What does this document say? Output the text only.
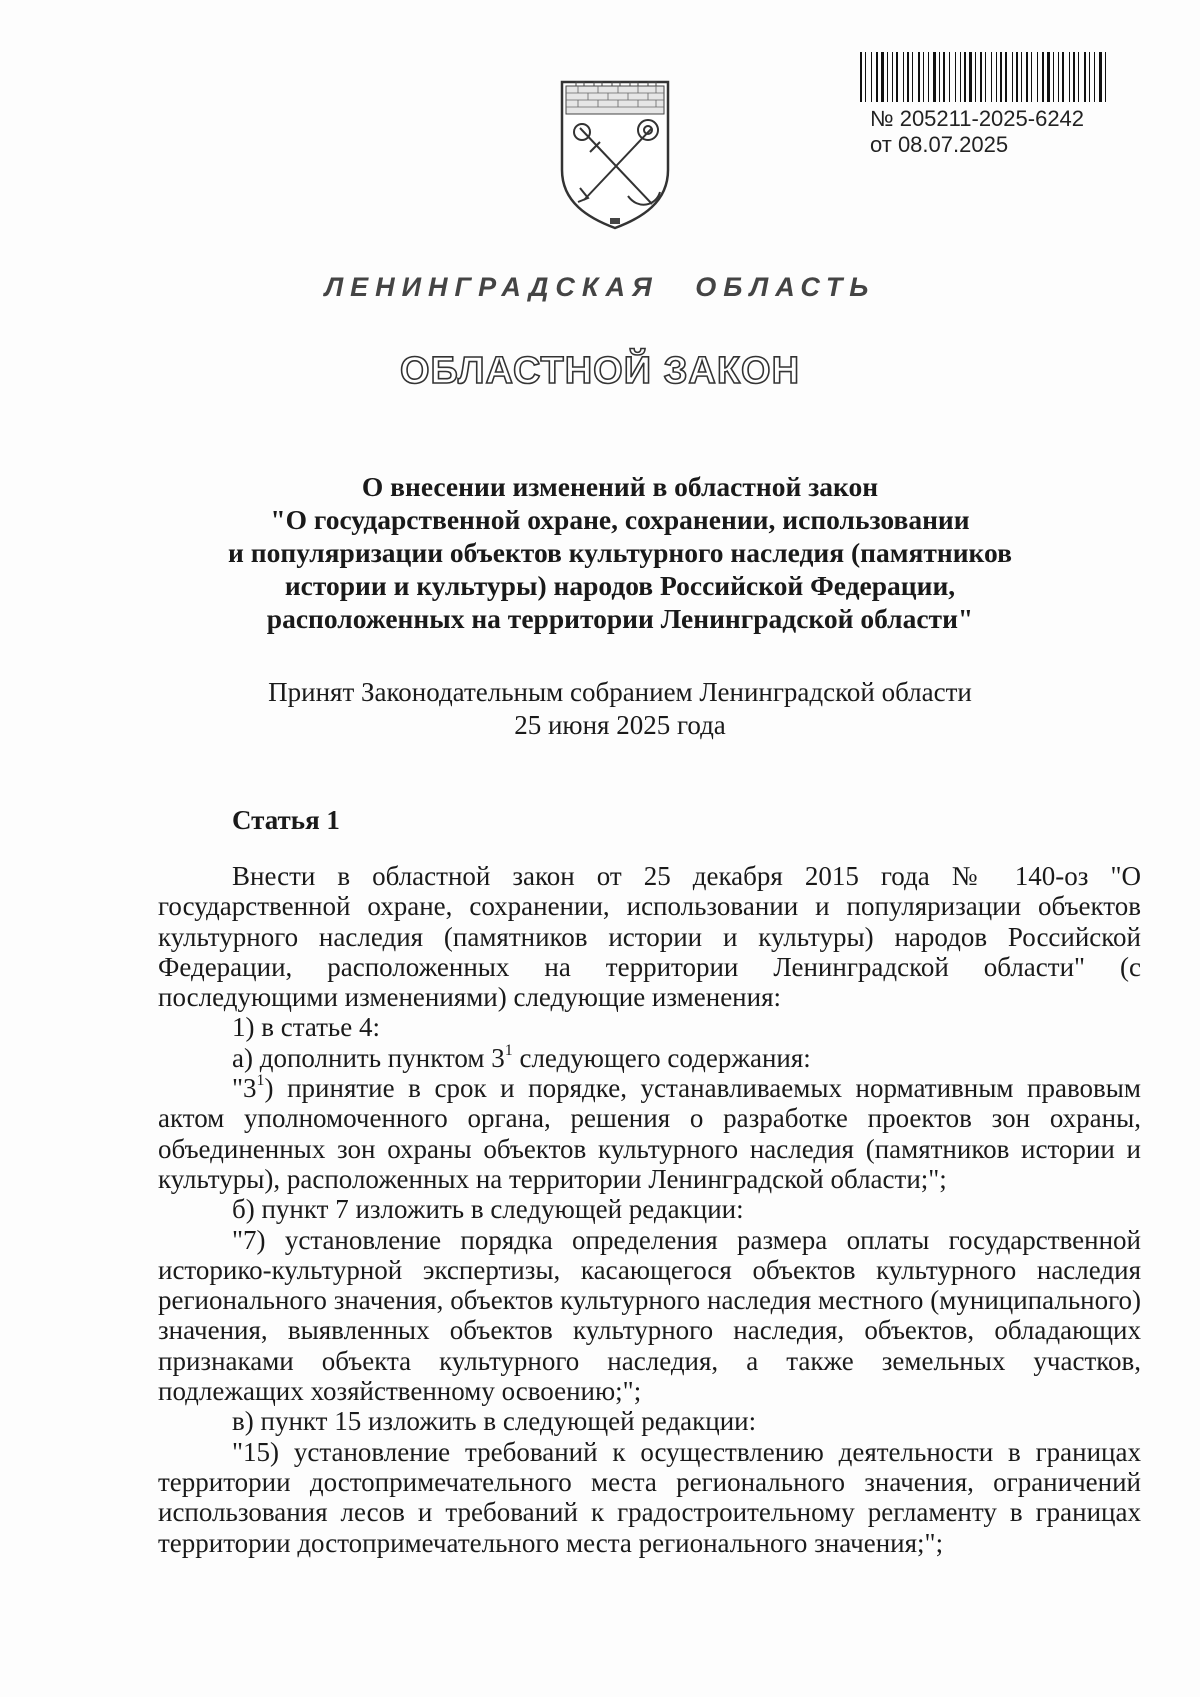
№ 205211-2025-6242
от 08.07.2025
ЛЕНИНГРАДСКАЯ ОБЛАСТЬ
ОБЛАСТНОЙ ЗАКОН
О внесении изменений в областной закон
"О государственной охране, сохранении, использовании
и популяризации объектов культурного наследия (памятников
истории и культуры) народов Российской Федерации,
расположенных на территории Ленинградской области"
Принят Законодательным собранием Ленинградской области
25 июня 2025 года
Статья 1

Внести в областной закон от 25 декабря 2015 года № 140-оз "О государственной охране, сохранении, использовании и популяризации объектов культурного наследия (памятников истории и культуры) народов Российской Федерации, расположенных на территории Ленинградской области" (с последующими изменениями) следующие изменения:

1) в статье 4:

а) дополнить пунктом $3^1$ следующего содержания:

"$3^1$) принятие в срок и порядке, устанавливаемых нормативным правовым актом уполномоченного органа, решения о разработке проектов зон охраны, объединенных зон охраны объектов культурного наследия (памятников истории и культуры), расположенных на территории Ленинградской области;";

б) пункт 7 изложить в следующей редакции:

"7) установление порядка определения размера оплаты государственной историко-культурной экспертизы, касающегося объектов культурного наследия регионального значения, объектов культурного наследия местного (муниципального) значения, выявленных объектов культурного наследия, объектов, обладающих признаками объекта культурного наследия, а также земельных участков, подлежащих хозяйственному освоению;";

в) пункт 15 изложить в следующей редакции:

"15) установление требований к осуществлению деятельности в границах территории достопримечательного места регионального значения, ограничений использования лесов и требований к градостроительному регламенту в границах территории достопримечательного места регионального значения;";
